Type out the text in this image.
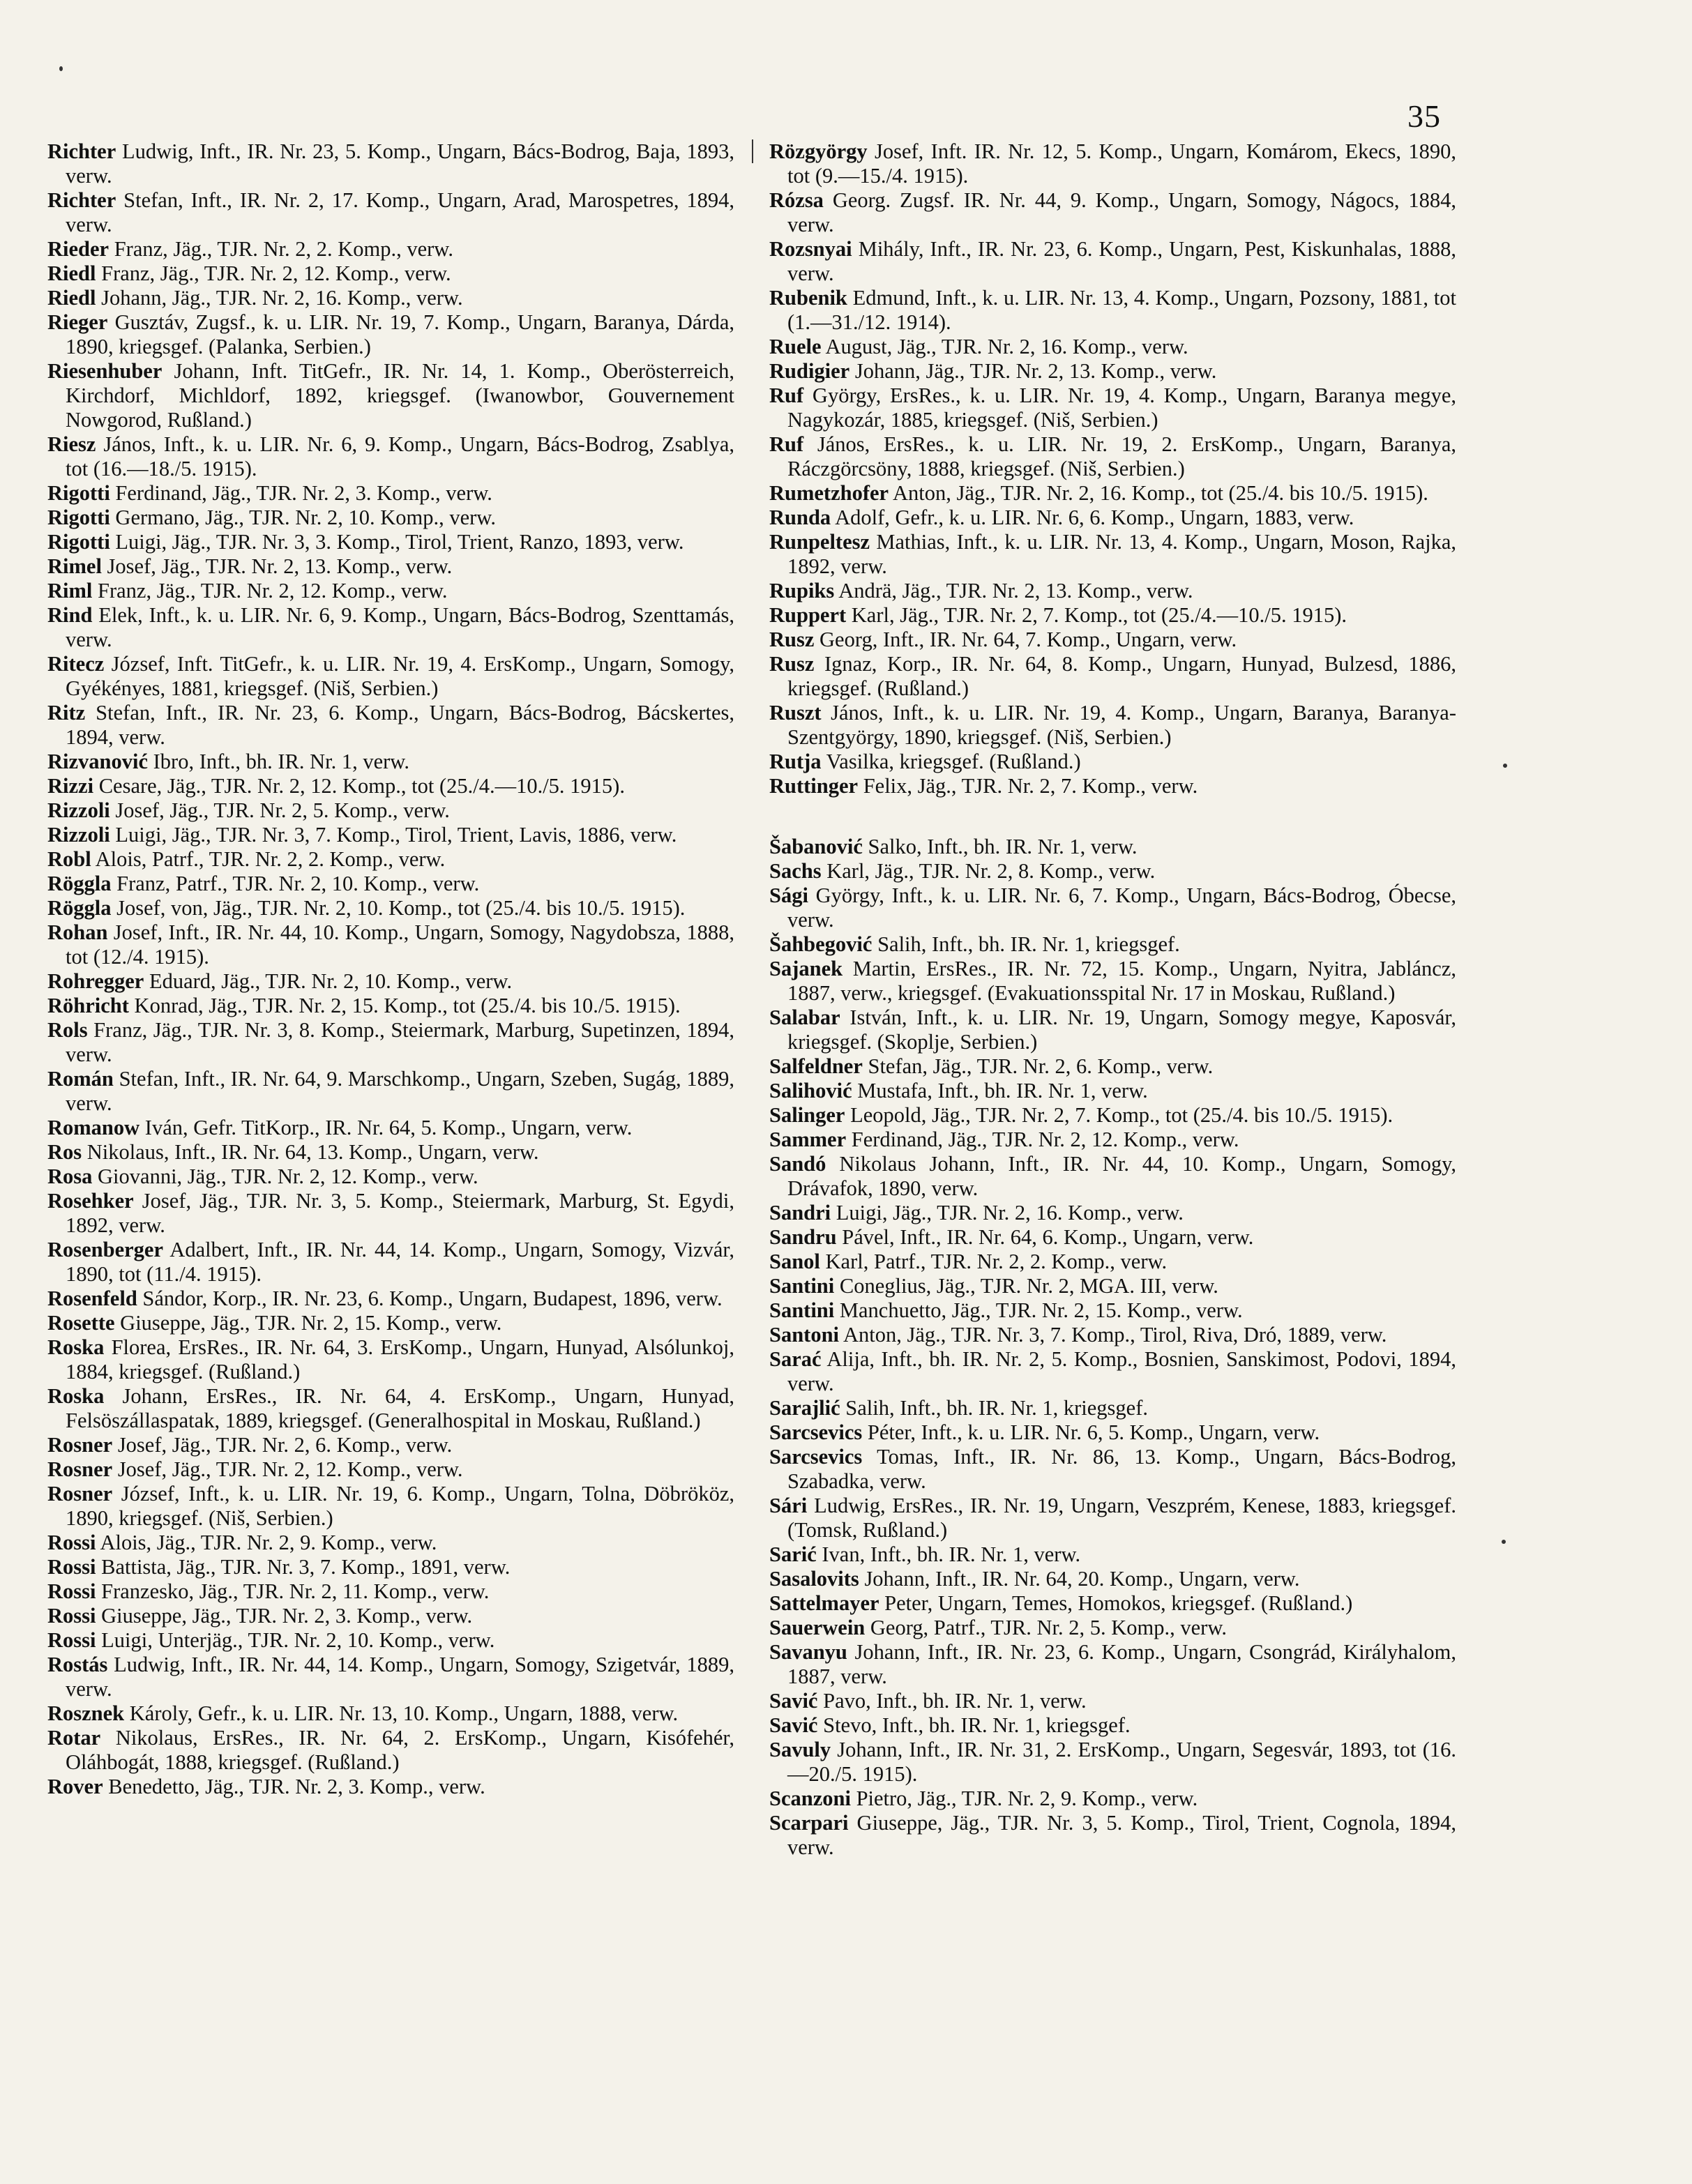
35

Richter Ludwig, Inft., IR. Nr. 23, 5. Komp., Ungarn, Bács-Bodrog, Baja, 1893, verw.

Richter Stefan, Inft., IR. Nr. 2, 17. Komp., Ungarn, Arad, Marospetres, 1894, verw.

Rieder Franz, Jäg., TJR. Nr. 2, 2. Komp., verw.

Riedl Franz, Jäg., TJR. Nr. 2, 12. Komp., verw.

Riedl Johann, Jäg., TJR. Nr. 2, 16. Komp., verw.

Rieger Gusztáv, Zugsf., k. u. LIR. Nr. 19, 7. Komp., Ungarn, Baranya, Dárda, 1890, kriegsgef. (Palanka, Serbien.)

Riesenhuber Johann, Inft. TitGefr., IR. Nr. 14, 1. Komp., Oberösterreich, Kirchdorf, Michldorf, 1892, kriegsgef. (Iwanowbor, Gouvernement Nowgorod, Rußland.)

Riesz János, Inft., k. u. LIR. Nr. 6, 9. Komp., Ungarn, Bács-Bodrog, Zsablya, tot (16.—18./5. 1915).

Rigotti Ferdinand, Jäg., TJR. Nr. 2, 3. Komp., verw.

Rigotti Germano, Jäg., TJR. Nr. 2, 10. Komp., verw.

Rigotti Luigi, Jäg., TJR. Nr. 3, 3. Komp., Tirol, Trient, Ranzo, 1893, verw.

Rimel Josef, Jäg., TJR. Nr. 2, 13. Komp., verw.

Riml Franz, Jäg., TJR. Nr. 2, 12. Komp., verw.

Rind Elek, Inft., k. u. LIR. Nr. 6, 9. Komp., Ungarn, Bács-Bodrog, Szenttamás, verw.

Ritecz József, Inft. TitGefr., k. u. LIR. Nr. 19, 4. ErsKomp., Ungarn, Somogy, Gyékényes, 1881, kriegsgef. (Niš, Serbien.)

Ritz Stefan, Inft., IR. Nr. 23, 6. Komp., Ungarn, Bács-Bodrog, Bácskertes, 1894, verw.

Rizvanović Ibro, Inft., bh. IR. Nr. 1, verw.

Rizzi Cesare, Jäg., TJR. Nr. 2, 12. Komp., tot (25./4.—10./5. 1915).

Rizzoli Josef, Jäg., TJR. Nr. 2, 5. Komp., verw.

Rizzoli Luigi, Jäg., TJR. Nr. 3, 7. Komp., Tirol, Trient, Lavis, 1886, verw.

Robl Alois, Patrf., TJR. Nr. 2, 2. Komp., verw.

Röggla Franz, Patrf., TJR. Nr. 2, 10. Komp., verw.

Röggla Josef, von, Jäg., TJR. Nr. 2, 10. Komp., tot (25./4. bis 10./5. 1915).

Rohan Josef, Inft., IR. Nr. 44, 10. Komp., Ungarn, Somogy, Nagydobsza, 1888, tot (12./4. 1915).

Rohregger Eduard, Jäg., TJR. Nr. 2, 10. Komp., verw.

Röhricht Konrad, Jäg., TJR. Nr. 2, 15. Komp., tot (25./4. bis 10./5. 1915).

Rols Franz, Jäg., TJR. Nr. 3, 8. Komp., Steiermark, Marburg, Supetinzen, 1894, verw.

Román Stefan, Inft., IR. Nr. 64, 9. Marschkomp., Ungarn, Szeben, Sugág, 1889, verw.

Romanow Iván, Gefr. TitKorp., IR. Nr. 64, 5. Komp., Ungarn, verw.

Ros Nikolaus, Inft., IR. Nr. 64, 13. Komp., Ungarn, verw.

Rosa Giovanni, Jäg., TJR. Nr. 2, 12. Komp., verw.

Rosehker Josef, Jäg., TJR. Nr. 3, 5. Komp., Steiermark, Marburg, St. Egydi, 1892, verw.

Rosenberger Adalbert, Inft., IR. Nr. 44, 14. Komp., Ungarn, Somogy, Vizvár, 1890, tot (11./4. 1915).

Rosenfeld Sándor, Korp., IR. Nr. 23, 6. Komp., Ungarn, Budapest, 1896, verw.

Rosette Giuseppe, Jäg., TJR. Nr. 2, 15. Komp., verw.

Roska Florea, ErsRes., IR. Nr. 64, 3. ErsKomp., Ungarn, Hunyad, Alsólunkoj, 1884, kriegsgef. (Rußland.)

Roska Johann, ErsRes., IR. Nr. 64, 4. ErsKomp., Ungarn, Hunyad, Felsöszállaspatak, 1889, kriegsgef. (Generalhospital in Moskau, Rußland.)

Rosner Josef, Jäg., TJR. Nr. 2, 6. Komp., verw.

Rosner Josef, Jäg., TJR. Nr. 2, 12. Komp., verw.

Rosner József, Inft., k. u. LIR. Nr. 19, 6. Komp., Ungarn, Tolna, Döbrököz, 1890, kriegsgef. (Niš, Serbien.)

Rossi Alois, Jäg., TJR. Nr. 2, 9. Komp., verw.

Rossi Battista, Jäg., TJR. Nr. 3, 7. Komp., 1891, verw.

Rossi Franzesko, Jäg., TJR. Nr. 2, 11. Komp., verw.

Rossi Giuseppe, Jäg., TJR. Nr. 2, 3. Komp., verw.

Rossi Luigi, Unterjäg., TJR. Nr. 2, 10. Komp., verw.

Rostás Ludwig, Inft., IR. Nr. 44, 14. Komp., Ungarn, Somogy, Szigetvár, 1889, verw.

Rosznek Károly, Gefr., k. u. LIR. Nr. 13, 10. Komp., Ungarn, 1888, verw.

Rotar Nikolaus, ErsRes., IR. Nr. 64, 2. ErsKomp., Ungarn, Kisófehér, Oláhbogát, 1888, kriegsgef. (Rußland.)

Rover Benedetto, Jäg., TJR. Nr. 2, 3. Komp., verw.

Rözgyörgy Josef, Inft. IR. Nr. 12, 5. Komp., Ungarn, Komárom, Ekecs, 1890, tot (9.—15./4. 1915).

Rózsa Georg. Zugsf. IR. Nr. 44, 9. Komp., Ungarn, Somogy, Nágocs, 1884, verw.

Rozsnyai Mihály, Inft., IR. Nr. 23, 6. Komp., Ungarn, Pest, Kiskunhalas, 1888, verw.

Rubenik Edmund, Inft., k. u. LIR. Nr. 13, 4. Komp., Ungarn, Pozsony, 1881, tot (1.—31./12. 1914).

Ruele August, Jäg., TJR. Nr. 2, 16. Komp., verw.

Rudigier Johann, Jäg., TJR. Nr. 2, 13. Komp., verw.

Ruf György, ErsRes., k. u. LIR. Nr. 19, 4. Komp., Ungarn, Baranya megye, Nagykozár, 1885, kriegsgef. (Niš, Serbien.)

Ruf János, ErsRes., k. u. LIR. Nr. 19, 2. ErsKomp., Ungarn, Baranya, Ráczgörcsöny, 1888, kriegsgef. (Niš, Serbien.)

Rumetzhofer Anton, Jäg., TJR. Nr. 2, 16. Komp., tot (25./4. bis 10./5. 1915).

Runda Adolf, Gefr., k. u. LIR. Nr. 6, 6. Komp., Ungarn, 1883, verw.

Runpeltesz Mathias, Inft., k. u. LIR. Nr. 13, 4. Komp., Ungarn, Moson, Rajka, 1892, verw.

Rupiks Andrä, Jäg., TJR. Nr. 2, 13. Komp., verw.

Ruppert Karl, Jäg., TJR. Nr. 2, 7. Komp., tot (25./4.—10./5. 1915).

Rusz Georg, Inft., IR. Nr. 64, 7. Komp., Ungarn, verw.

Rusz Ignaz, Korp., IR. Nr. 64, 8. Komp., Ungarn, Hunyad, Bulzesd, 1886, kriegsgef. (Rußland.)

Ruszt János, Inft., k. u. LIR. Nr. 19, 4. Komp., Ungarn, Baranya, Baranya-Szentgyörgy, 1890, kriegsgef. (Niš, Serbien.)

Rutja Vasilka, kriegsgef. (Rußland.)

Ruttinger Felix, Jäg., TJR. Nr. 2, 7. Komp., verw.

Šabanović Salko, Inft., bh. IR. Nr. 1, verw.

Sachs Karl, Jäg., TJR. Nr. 2, 8. Komp., verw.

Sági György, Inft., k. u. LIR. Nr. 6, 7. Komp., Ungarn, Bács-Bodrog, Óbecse, verw.

Šahbegović Salih, Inft., bh. IR. Nr. 1, kriegsgef.

Sajanek Martin, ErsRes., IR. Nr. 72, 15. Komp., Ungarn, Nyitra, Jabláncz, 1887, verw., kriegsgef. (Evakuationsspital Nr. 17 in Moskau, Rußland.)

Salabar István, Inft., k. u. LIR. Nr. 19, Ungarn, Somogy megye, Kaposvár, kriegsgef. (Skoplje, Serbien.)

Salfeldner Stefan, Jäg., TJR. Nr. 2, 6. Komp., verw.

Salihović Mustafa, Inft., bh. IR. Nr. 1, verw.

Salinger Leopold, Jäg., TJR. Nr. 2, 7. Komp., tot (25./4. bis 10./5. 1915).

Sammer Ferdinand, Jäg., TJR. Nr. 2, 12. Komp., verw.

Sandó Nikolaus Johann, Inft., IR. Nr. 44, 10. Komp., Ungarn, Somogy, Drávafok, 1890, verw.

Sandri Luigi, Jäg., TJR. Nr. 2, 16. Komp., verw.

Sandru Pável, Inft., IR. Nr. 64, 6. Komp., Ungarn, verw.

Sanol Karl, Patrf., TJR. Nr. 2, 2. Komp., verw.

Santini Coneglius, Jäg., TJR. Nr. 2, MGA. III, verw.

Santini Manchuetto, Jäg., TJR. Nr. 2, 15. Komp., verw.

Santoni Anton, Jäg., TJR. Nr. 3, 7. Komp., Tirol, Riva, Dró, 1889, verw.

Sarać Alija, Inft., bh. IR. Nr. 2, 5. Komp., Bosnien, Sanskimost, Podovi, 1894, verw.

Sarajlić Salih, Inft., bh. IR. Nr. 1, kriegsgef.

Sarcsevics Péter, Inft., k. u. LIR. Nr. 6, 5. Komp., Ungarn, verw.

Sarcsevics Tomas, Inft., IR. Nr. 86, 13. Komp., Ungarn, Bács-Bodrog, Szabadka, verw.

Sári Ludwig, ErsRes., IR. Nr. 19, Ungarn, Veszprém, Kenese, 1883, kriegsgef. (Tomsk, Rußland.)

Sarić Ivan, Inft., bh. IR. Nr. 1, verw.

Sasalovits Johann, Inft., IR. Nr. 64, 20. Komp., Ungarn, verw.

Sattelmayer Peter, Ungarn, Temes, Homokos, kriegsgef. (Rußland.)

Sauerwein Georg, Patrf., TJR. Nr. 2, 5. Komp., verw.

Savanyu Johann, Inft., IR. Nr. 23, 6. Komp., Ungarn, Csongrád, Királyhalom, 1887, verw.

Savić Pavo, Inft., bh. IR. Nr. 1, verw.

Savić Stevo, Inft., bh. IR. Nr. 1, kriegsgef.

Savuly Johann, Inft., IR. Nr. 31, 2. ErsKomp., Ungarn, Segesvár, 1893, tot (16.—20./5. 1915).

Scanzoni Pietro, Jäg., TJR. Nr. 2, 9. Komp., verw.

Scarpari Giuseppe, Jäg., TJR. Nr. 3, 5. Komp., Tirol, Trient, Cognola, 1894, verw.
